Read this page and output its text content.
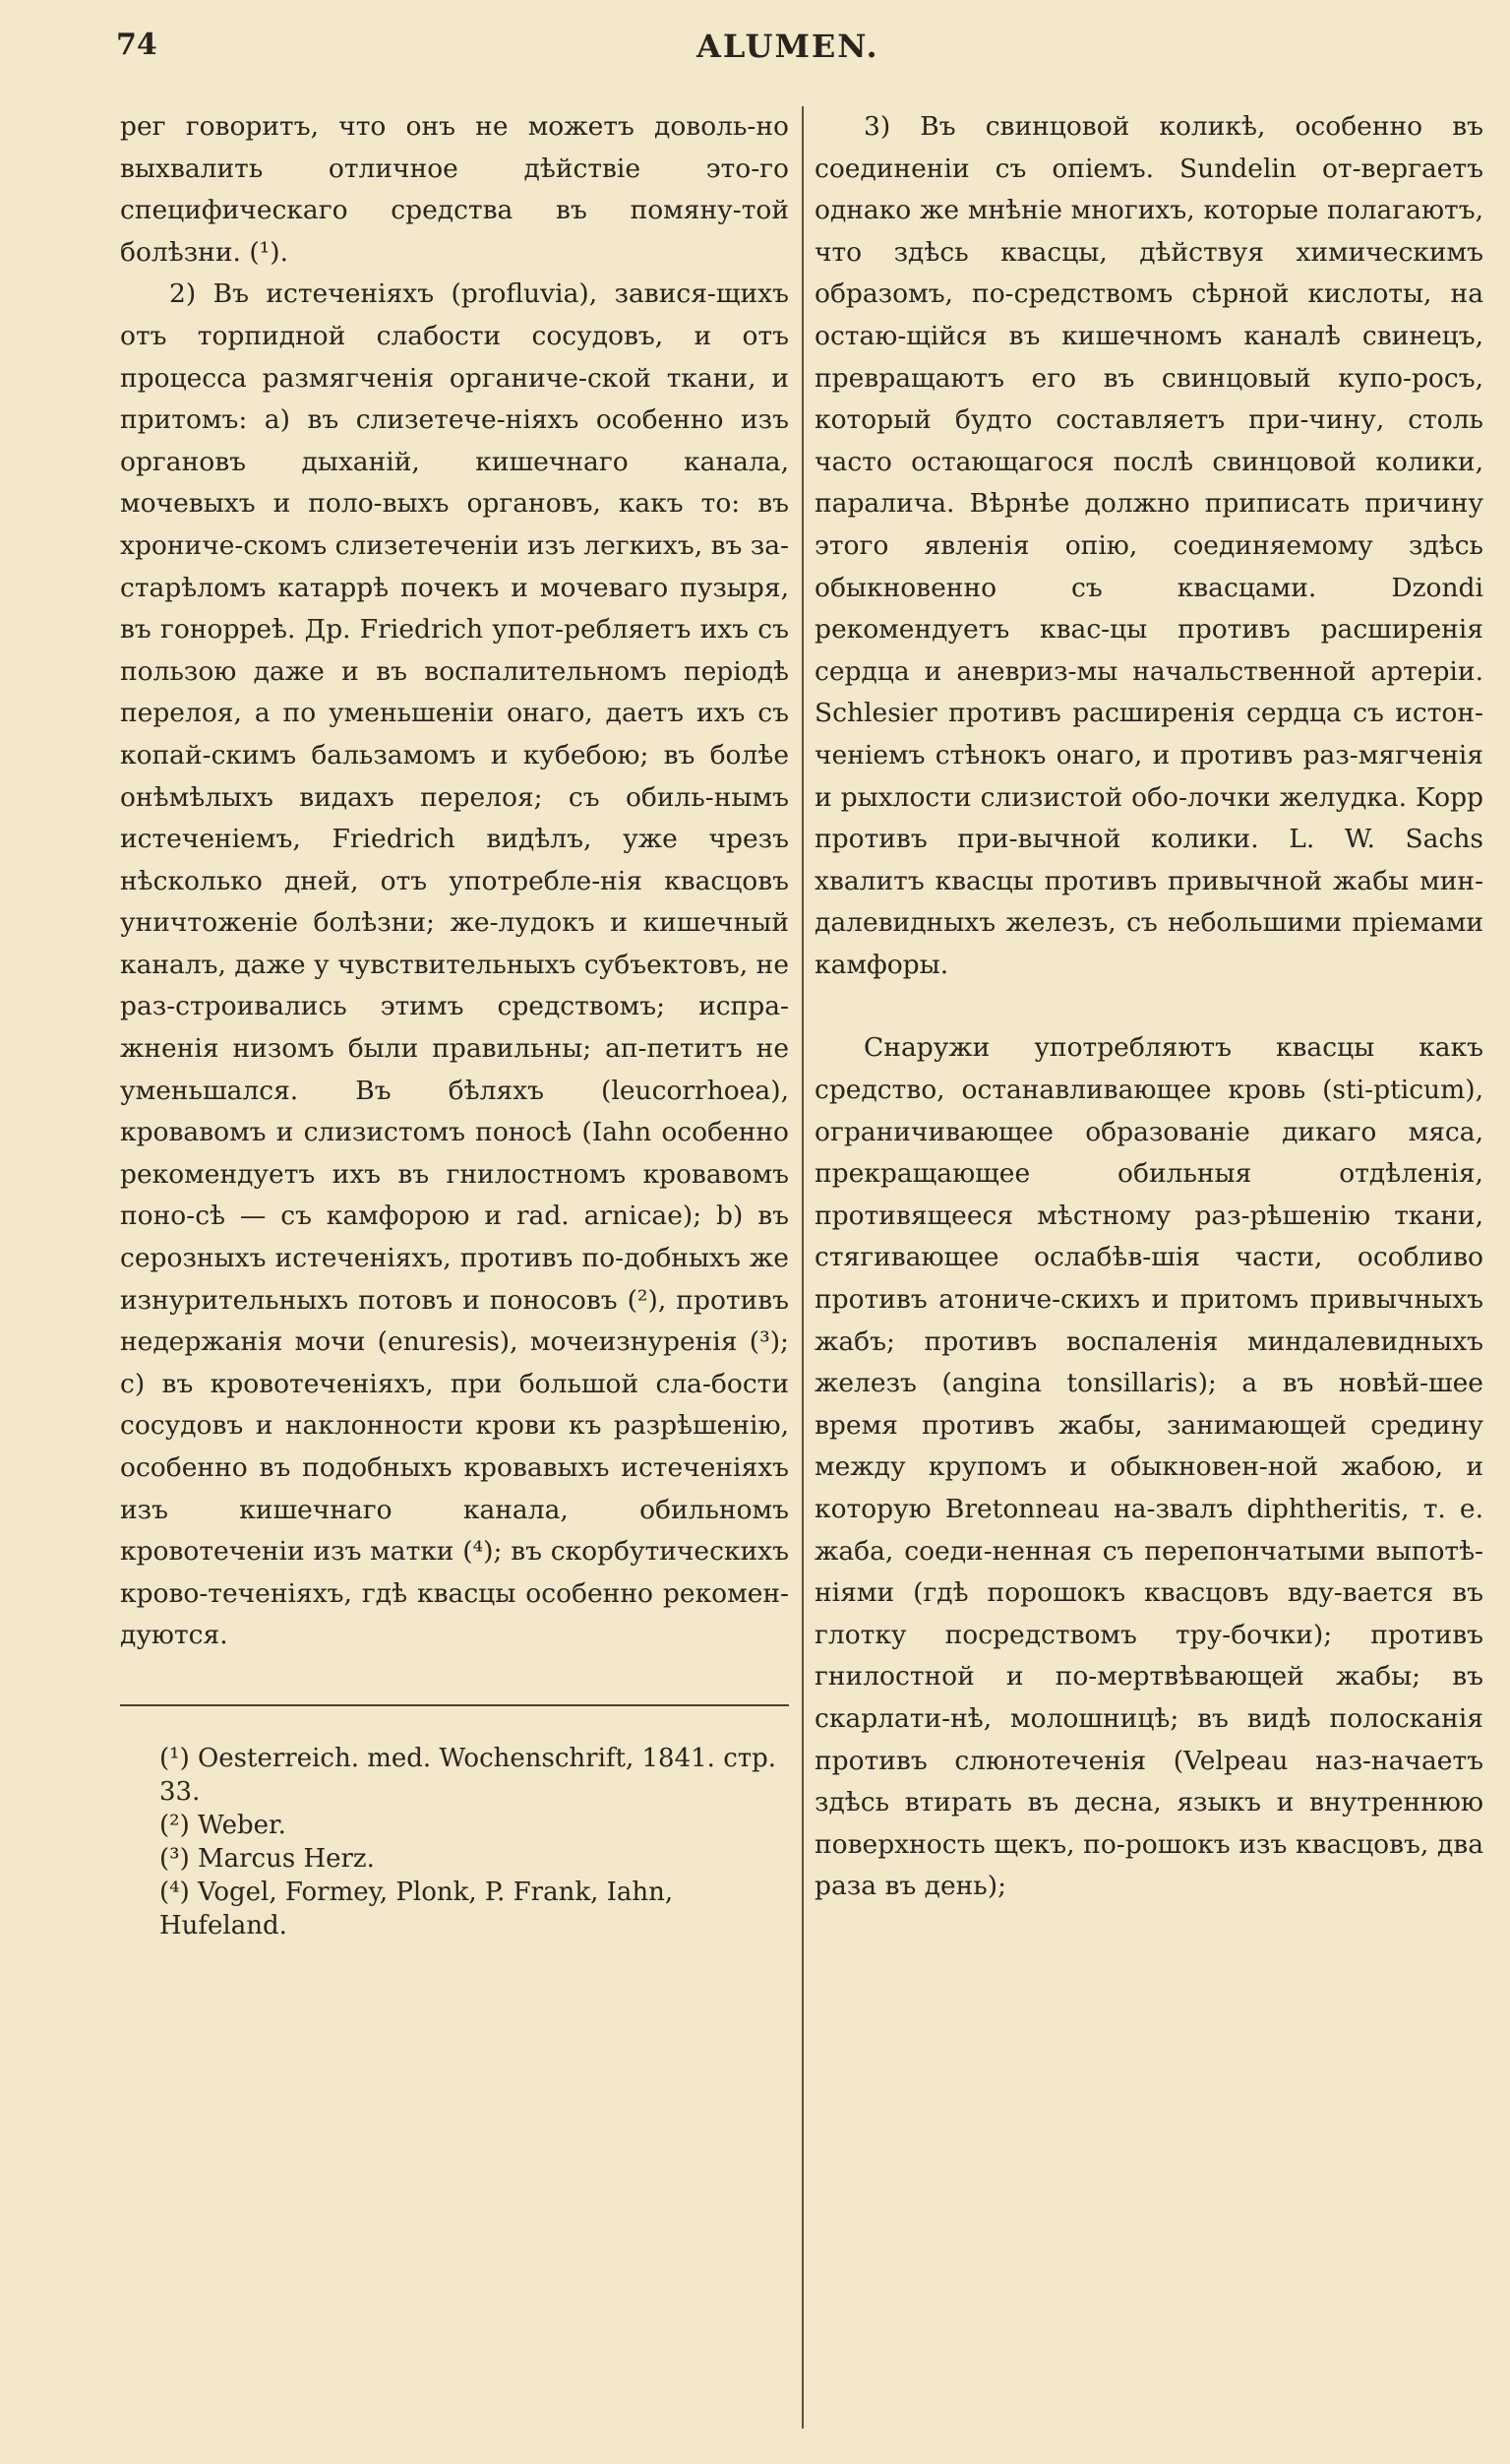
74	ALUMEN.

рег говоритъ, что онъ не можетъ доволь-но выхвалить отличное дѣйствіе это-го специфическаго средства въ помяну-той болѣзни. (¹).

2) Въ истеченіяхъ (profluvia), завися-щихъ отъ торпидной слабости сосудовъ, и отъ процесса размягченія органиче-ской ткани, и притомъ: a) въ слизетече-ніяхъ особенно изъ органовъ дыханій, кишечнаго канала, мочевыхъ и поло-выхъ органовъ, какъ то: въ хрониче-скомъ слизетеченіи изъ легкихъ, въ за-старѣломъ катаррѣ почекъ и мочеваго пузыря, въ гонорреѣ. Др. Friedrich упот-ребляетъ ихъ съ пользою даже и въ воспалительномъ періодѣ перелоя, а по уменьшеніи онаго, даетъ ихъ съ копай-скимъ бальзамомъ и кубебою; въ болѣе онѣмѣлыхъ видахъ перелоя; съ обиль-нымъ истеченіемъ, Friedrich видѣлъ, уже чрезъ нѣсколько дней, отъ употребле-нія квасцовъ уничтоженіе болѣзни; же-лудокъ и кишечный каналъ, даже у чувствительныхъ субъектовъ, не раз-строивались этимъ средствомъ; испра-жненія низомъ были правильны; ап-петитъ не уменьшался. Въ бѣляхъ (leucorrhoea), кровавомъ и слизистомъ поносѣ (Iahn особенно рекомендуетъ ихъ въ гнилостномъ кровавомъ поно-сѣ — съ камфорою и rad. arnicae); b) въ серозныхъ истеченіяхъ, противъ по-добныхъ же изнурительныхъ потовъ и поносовъ (²), противъ недержанія мочи (enuresis), мочеизнуренія (³); c) въ кровотеченіяхъ, при большой сла-бости сосудовъ и наклонности крови къ разрѣшенію, особенно въ подобныхъ кровавыхъ истеченіяхъ изъ кишечнаго канала, обильномъ кровотеченіи изъ матки (⁴); въ скорбутическихъ крово-теченіяхъ, гдѣ квасцы особенно рекомен-дуются.

(¹) Oesterreich. med. Wochenschrift, 1841. стр. 33.

(²) Weber.

(³) Marcus Herz.

(⁴) Vogel, Formey, Plonk, P. Frank, Iahn, Hufeland.

3) Въ свинцовой коликѣ, особенно въ соединеніи съ опіемъ. Sundelin от-вергаетъ однако же мнѣніе многихъ, которые полагаютъ, что здѣсь квасцы, дѣйствуя химическимъ образомъ, по-средствомъ сѣрной кислоты, на остаю-щійся въ кишечномъ каналѣ свинецъ, превращаютъ его въ свинцовый купо-росъ, который будто составляетъ при-чину, столь часто остающагося послѣ свинцовой колики, паралича. Вѣрнѣе должно приписать причину этого явленія опію, соединяемому здѣсь обыкновенно съ квасцами. Dzondi рекомендуетъ квас-цы противъ расширенія сердца и аневриз-мы начальственной артеріи. Schlesier противъ расширенія сердца съ истон-ченіемъ стѣнокъ онаго, и противъ раз-мягченія и рыхлости слизистой обо-лочки желудка. Kopp противъ при-вычной колики. L. W. Sachs хвалитъ квасцы противъ привычной жабы мин-далевидныхъ железъ, съ небольшими пріемами камфоры.

Снаружи употребляютъ квасцы какъ средство, останавливающее кровь (sti-pticum), ограничивающее образованіе дикаго мяса, прекращающее обильныя отдѣленія, противящееся мѣстному раз-рѣшенію ткани, стягивающее ослабѣв-шія части, особливо противъ атониче-скихъ и притомъ привычныхъ жабъ; противъ воспаленія миндалевидныхъ железъ (angina tonsillaris); а въ новѣй-шее время противъ жабы, занимающей средину между крупомъ и обыкновен-ной жабою, и которую Bretonneau на-звалъ diphtheritis, т. е. жаба, соеди-ненная съ перепончатыми выпотѣ-ніями (гдѣ порошокъ квасцовъ вду-вается въ глотку посредствомъ тру-бочки); противъ гнилостной и по-мертвѣвающей жабы; въ скарлати-нѣ, молошницѣ; въ видѣ полосканія противъ слюнотеченія (Velpeau наз-начаетъ здѣсь втирать въ десна, языкъ и внутреннюю поверхность щекъ, по-рошокъ изъ квасцовъ, два раза въ день);
